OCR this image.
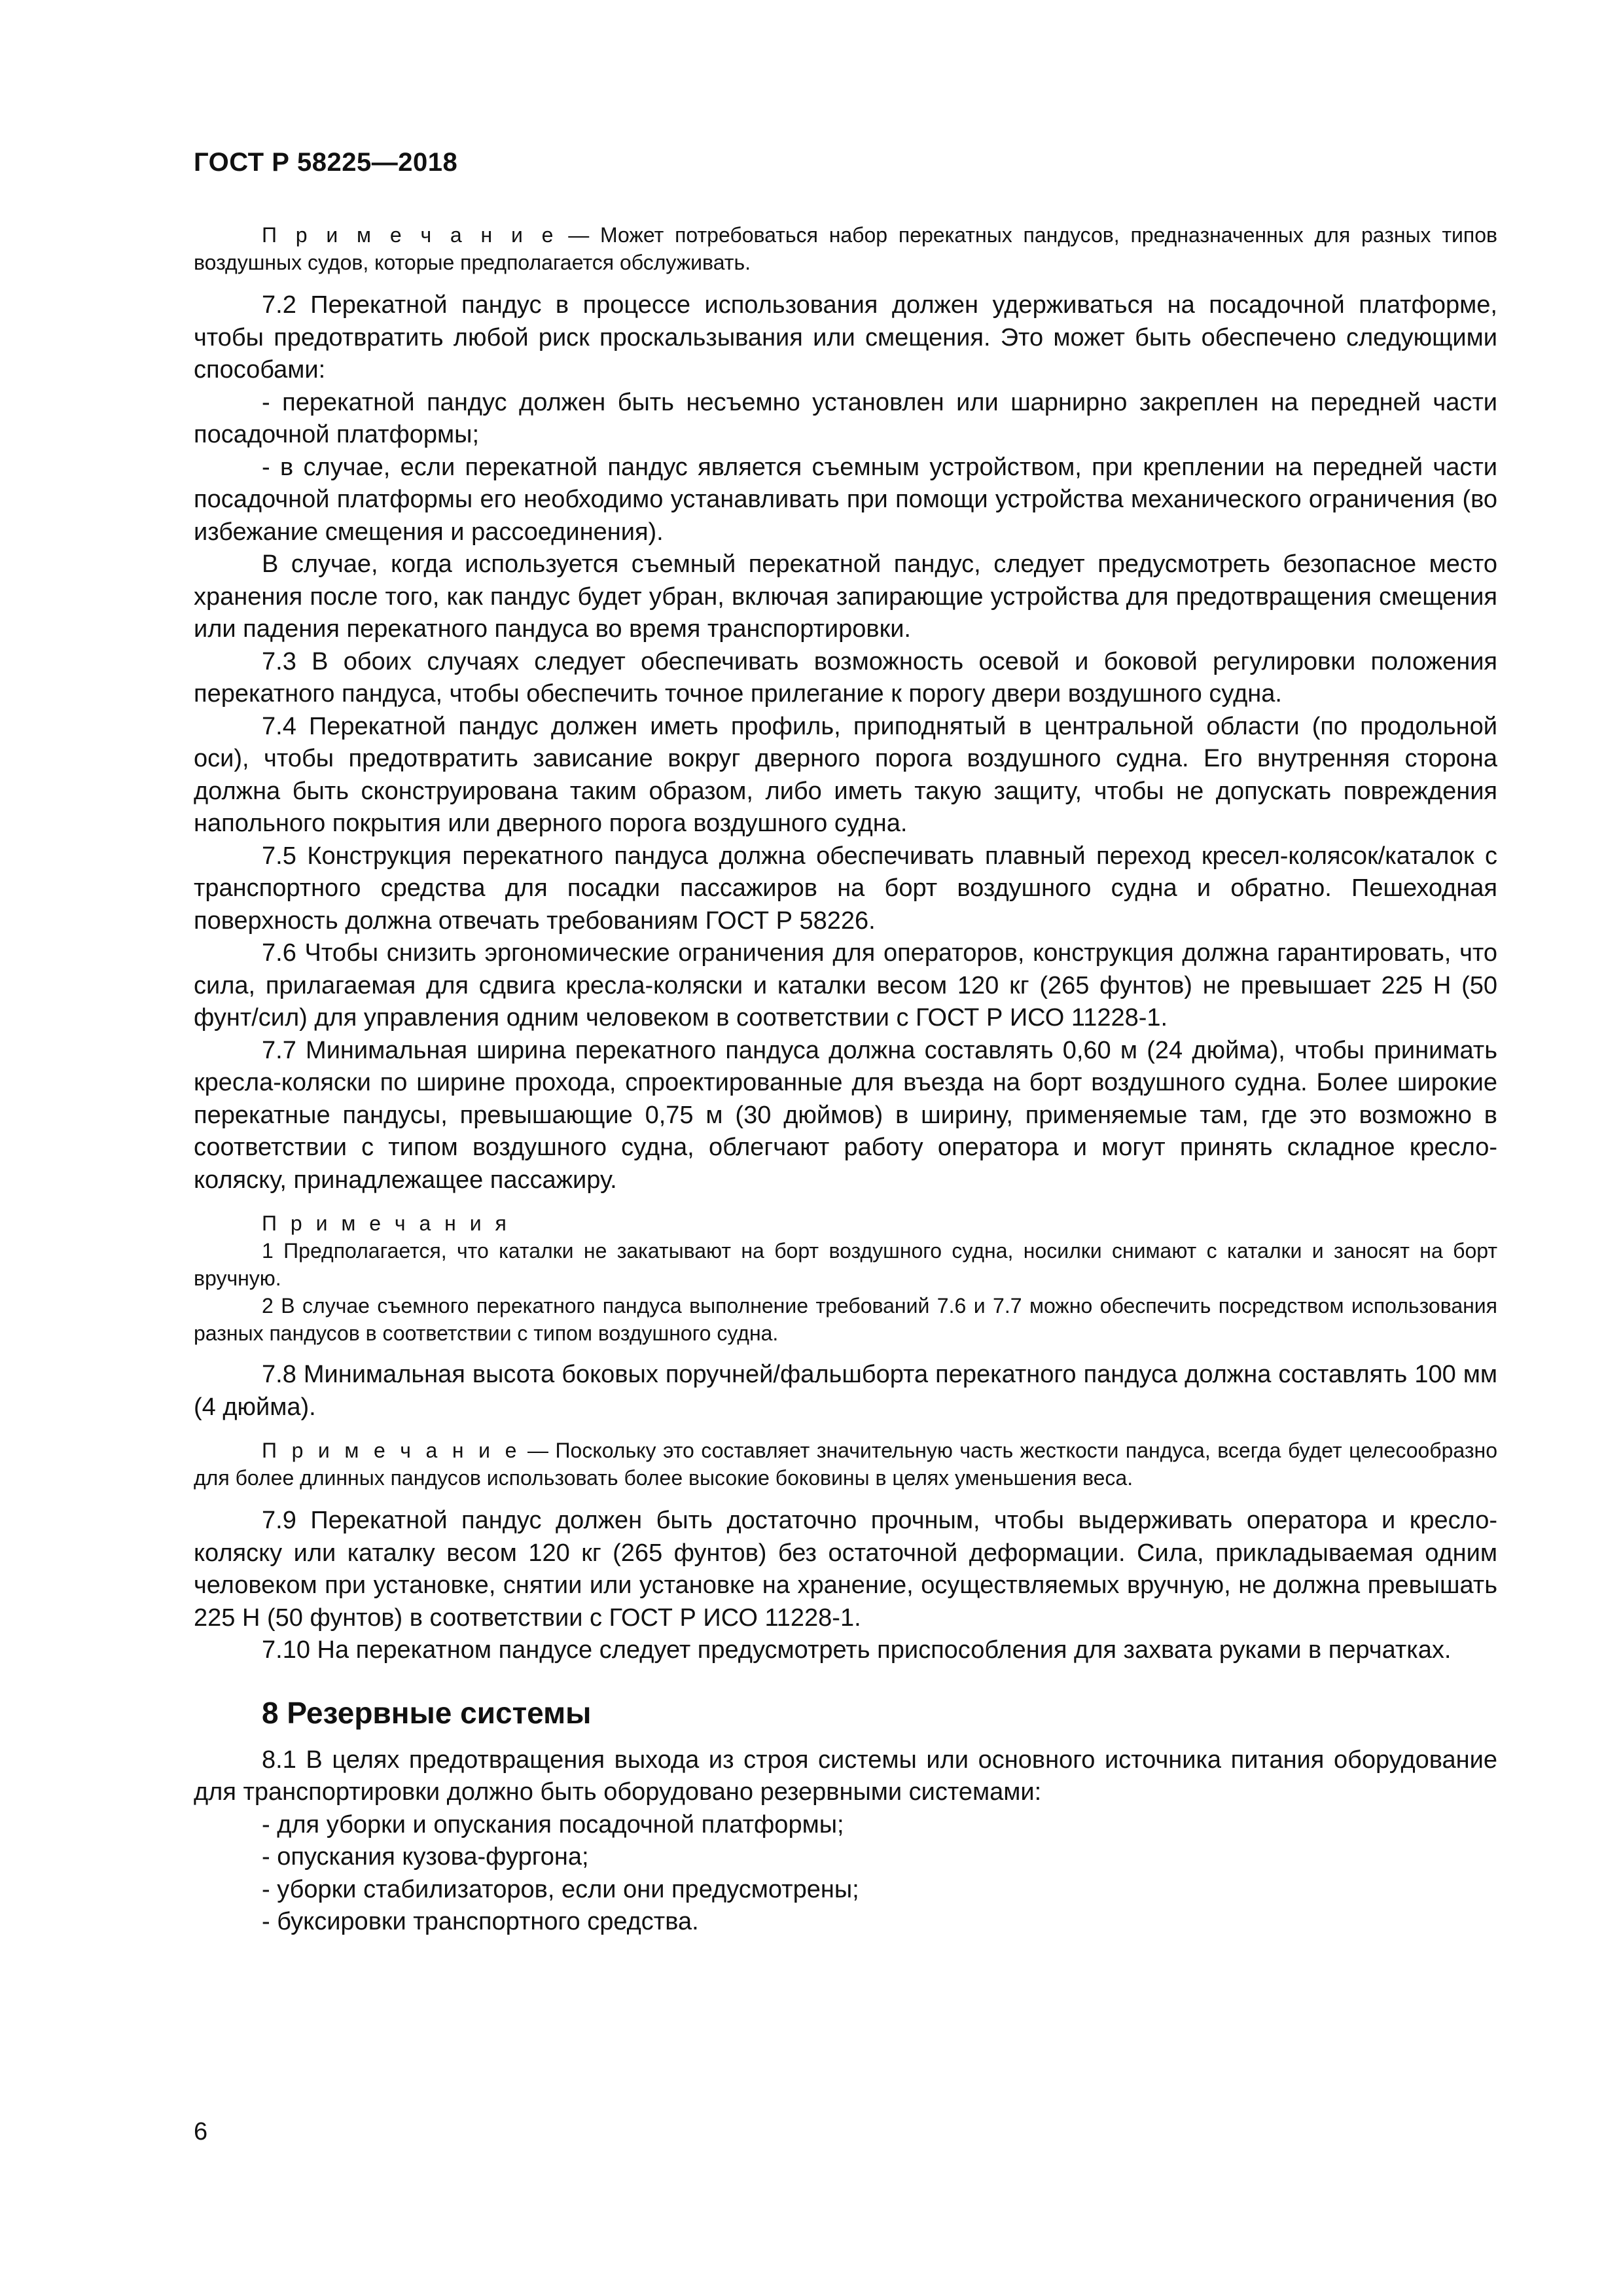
ГОСТ Р 58225—2018

П р и м е ч а н и е — Может потребоваться набор перекатных пандусов, предназначенных для разных типов воздушных судов, которые предполагается обслуживать.

7.2 Перекатной пандус в процессе использования должен удерживаться на посадочной платформе, чтобы предотвратить любой риск проскальзывания или смещения. Это может быть обеспечено следующими способами:

- перекатной пандус должен быть несъемно установлен или шарнирно закреплен на передней части посадочной платформы;

- в случае, если перекатной пандус является съемным устройством, при креплении на передней части посадочной платформы его необходимо устанавливать при помощи устройства механического ограничения (во избежание смещения и рассоединения).

В случае, когда используется съемный перекатной пандус, следует предусмотреть безопасное место хранения после того, как пандус будет убран, включая запирающие устройства для предотвращения смещения или падения перекатного пандуса во время транспортировки.

7.3 В обоих случаях следует обеспечивать возможность осевой и боковой регулировки положения перекатного пандуса, чтобы обеспечить точное прилегание к порогу двери воздушного судна.

7.4 Перекатной пандус должен иметь профиль, приподнятый в центральной области (по продольной оси), чтобы предотвратить зависание вокруг дверного порога воздушного судна. Его внутренняя сторона должна быть сконструирована таким образом, либо иметь такую защиту, чтобы не допускать повреждения напольного покрытия или дверного порога воздушного судна.

7.5 Конструкция перекатного пандуса должна обеспечивать плавный переход кресел-колясок/каталок с транспортного средства для посадки пассажиров на борт воздушного судна и обратно. Пешеходная поверхность должна отвечать требованиям ГОСТ Р 58226.

7.6 Чтобы снизить эргономические ограничения для операторов, конструкция должна гарантировать, что сила, прилагаемая для сдвига кресла-коляски и каталки весом 120 кг (265 фунтов) не превышает 225 Н (50 фунт/сил) для управления одним человеком в соответствии с ГОСТ Р ИСО 11228-1.

7.7 Минимальная ширина перекатного пандуса должна составлять 0,60 м (24 дюйма), чтобы принимать кресла-коляски по ширине прохода, спроектированные для въезда на борт воздушного судна. Более широкие перекатные пандусы, превышающие 0,75 м (30 дюймов) в ширину, применяемые там, где это возможно в соответствии с типом воздушного судна, облегчают работу оператора и могут принять складное кресло-коляску, принадлежащее пассажиру.

П р и м е ч а н и я
1 Предполагается, что каталки не закатывают на борт воздушного судна, носилки снимают с каталки и заносят на борт вручную.
2 В случае съемного перекатного пандуса выполнение требований 7.6 и 7.7 можно обеспечить посредством использования разных пандусов в соответствии с типом воздушного судна.

7.8 Минимальная высота боковых поручней/фальшборта перекатного пандуса должна составлять 100 мм (4 дюйма).

П р и м е ч а н и е — Поскольку это составляет значительную часть жесткости пандуса, всегда будет целесообразно для более длинных пандусов использовать более высокие боковины в целях уменьшения веса.

7.9 Перекатной пандус должен быть достаточно прочным, чтобы выдерживать оператора и кресло-коляску или каталку весом 120 кг (265 фунтов) без остаточной деформации. Сила, прикладываемая одним человеком при установке, снятии или установке на хранение, осуществляемых вручную, не должна превышать 225 Н (50 фунтов) в соответствии с ГОСТ Р ИСО 11228-1.

7.10 На перекатном пандусе следует предусмотреть приспособления для захвата руками в перчатках.

8 Резервные системы

8.1 В целях предотвращения выхода из строя системы или основного источника питания оборудование для транспортировки должно быть оборудовано резервными системами:

- для уборки и опускания посадочной платформы;

- опускания кузова-фургона;

- уборки стабилизаторов, если они предусмотрены;

- буксировки транспортного средства.

6
